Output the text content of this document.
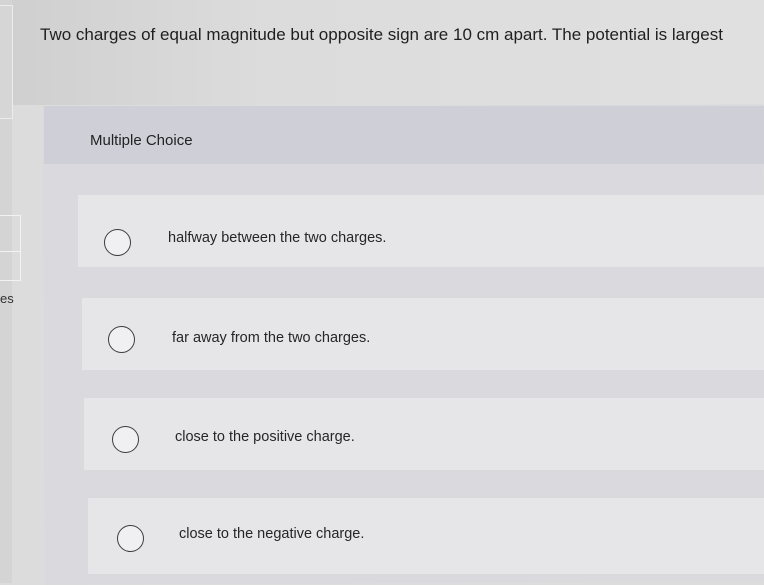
es
Two charges of equal magnitude but opposite sign are 10 cm apart. The potential is largest
Multiple Choice
halfway between the two charges.
far away from the two charges.
close to the positive charge.
close to the negative charge.
